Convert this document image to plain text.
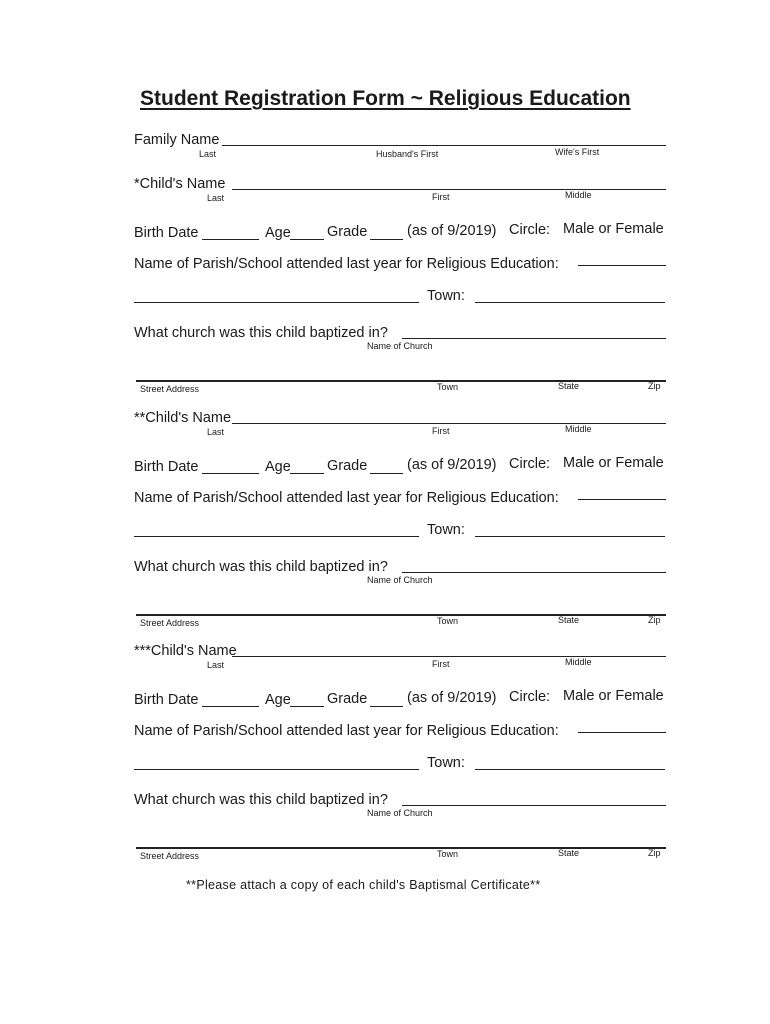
Student Registration Form ~ Religious Education
Family Name
Last	Husband's First	Wife's First
*Child's Name
Last	First	Middle
Birth Date	Age Grade	(as of 9/2019) Circle: Male or Female
Name of Parish/School attended last year for Religious Education:
Town:
What church was this child baptized in?
Name of Church
Street Address	Town	State	Zip
**Child's Name
Last	First	Middle
Birth Date	Age Grade	(as of 9/2019) Circle: Male or Female
Name of Parish/School attended last year for Religious Education:
Town:
What church was this child baptized in?
Name of Church
Street Address	Town	State	Zip
***Child's Name
Last	First	Middle
Birth Date	Age Grade	(as of 9/2019) Circle: Male or Female
Name of Parish/School attended last year for Religious Education:
Town:
What church was this child baptized in?
Name of Church
Street Address	Town	State	Zip
**Please attach a copy of each child's Baptismal Certificate**
